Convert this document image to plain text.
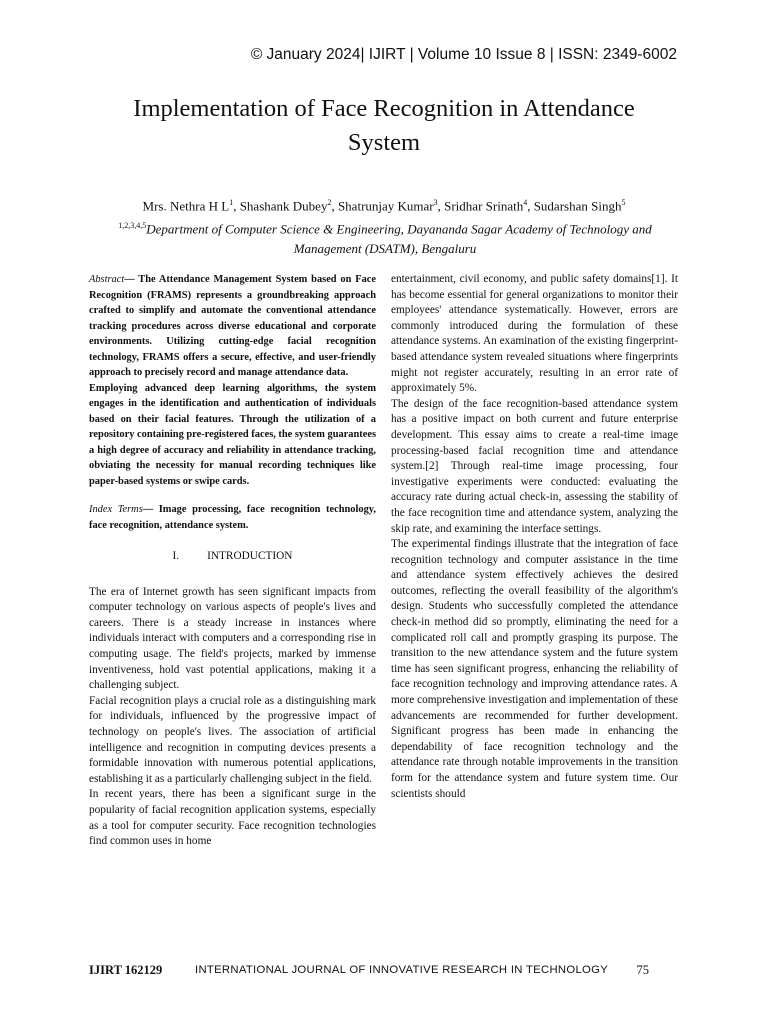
© January 2024| IJIRT | Volume 10 Issue 8 | ISSN: 2349-6002
Implementation of Face Recognition in Attendance
System
Mrs. Nethra H $L^1$, Shashank Dubey$^2$, Shatrunjay Kumar$^3$, Sridhar Srinath$^4$, Sudarshan Singh$^5$
$^{1,2,3,4,5}$Department of Computer Science & Engineering, Dayananda Sagar Academy of Technology and Management (DSATM), Bengaluru

Abstract— The Attendance Management System based on Face Recognition (FRAMS) represents a groundbreaking approach crafted to simplify and automate the conventional attendance tracking procedures across diverse educational and corporate environments. Utilizing cutting-edge facial recognition technology, FRAMS offers a secure, effective, and user-friendly approach to precisely record and manage attendance data.

Employing advanced deep learning algorithms, the system engages in the identification and authentication of individuals based on their facial features. Through the utilization of a repository containing pre-registered faces, the system guarantees a high degree of accuracy and reliability in attendance tracking, obviating the necessity for manual recording techniques like paper-based systems or swipe cards.

Index Terms— Image processing, face recognition technology, face recognition, attendance system.

I. INTRODUCTION

The era of Internet growth has seen significant impacts from computer technology on various aspects of people's lives and careers. There is a steady increase in instances where individuals interact with computers and a corresponding rise in computing usage. The field's projects, marked by immense inventiveness, hold vast potential applications, making it a challenging subject.

Facial recognition plays a crucial role as a distinguishing mark for individuals, influenced by the progressive impact of technology on people's lives. The association of artificial intelligence and recognition in computing devices presents a formidable innovation with numerous potential applications, establishing it as a particularly challenging subject in the field.

In recent years, there has been a significant surge in the popularity of facial recognition application systems, especially as a tool for computer security. Face recognition technologies find common uses in home

entertainment, civil economy, and public safety domains[1]. It has become essential for general organizations to monitor their employees' attendance systematically. However, errors are commonly introduced during the formulation of these attendance systems. An examination of the existing fingerprint-based attendance system revealed situations where fingerprints might not register accurately, resulting in an error rate of approximately 5%.

The design of the face recognition-based attendance system has a positive impact on both current and future enterprise development. This essay aims to create a real-time image processing-based facial recognition time and attendance system.[2] Through real-time image processing, four investigative experiments were conducted: evaluating the accuracy rate during actual check-in, assessing the stability of the face recognition time and attendance system, analyzing the skip rate, and examining the interface settings.

The experimental findings illustrate that the integration of face recognition technology and computer assistance in the time and attendance system effectively achieves the desired outcomes, reflecting the overall feasibility of the algorithm's design. Students who successfully completed the attendance check-in method did so promptly, eliminating the need for a complicated roll call and promptly grasping its purpose. The transition to the new attendance system and the future system time has seen significant progress, enhancing the reliability of face recognition technology and improving attendance rates. A more comprehensive investigation and implementation of these advancements are recommended for further development. Significant progress has been made in enhancing the dependability of face recognition technology and the attendance rate through notable improvements in the transition form for the attendance system and future system time. Our scientists should

IJIRT 162129	INTERNATIONAL JOURNAL OF INNOVATIVE RESEARCH IN TECHNOLOGY 75
